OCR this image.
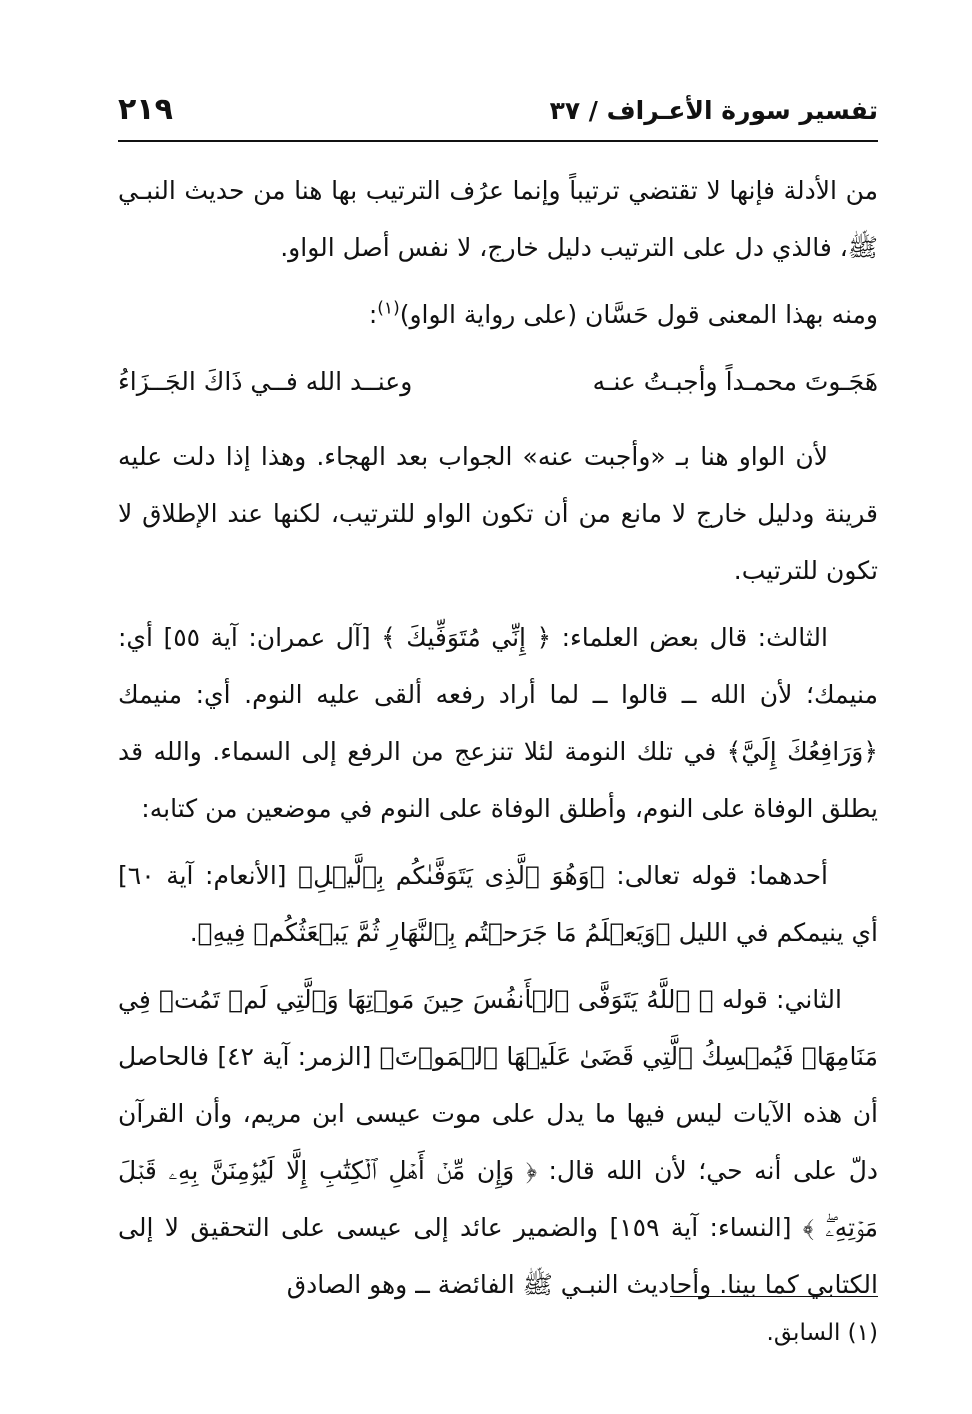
٢١٩	تفسير سورة الأعـراف / ٣٧

من الأدلة فإنها لا تقتضي ترتيباً وإنما عرُف الترتيب بها هنا من حديث النبـي ﷺ، فالذي دل على الترتيب دليل خارج، لا نفس أصل الواو.

ومنه بهذا المعنى قول حَسَّان (على رواية الواو)$^{(١)}$:

هَجَـوتَ محمـداً وأجبـتُ عنـه
وعنــد الله فــي ذَاكَ الجَــزَاءُ

لأن الواو هنا بـ «وأجبت عنه» الجواب بعد الهجاء. وهذا إذا دلت عليه قرينة ودليل خارج لا مانع من أن تكون الواو للترتيب، لكنها عند الإطلاق لا تكون للترتيب.

الثالث: قال بعض العلماء: ﴿ إِنِّي مُتَوَفِّيكَ ﴾ [آل عمران: آية ٥٥] أي: منيمك؛ لأن الله ــ قالوا ــ لما أراد رفعه ألقى عليه النوم. أي: منيمك ﴿وَرَافِعُكَ إِلَيَّ﴾ في تلك النومة لئلا تنزعج من الرفع إلى السماء. والله قد يطلق الوفاة على النوم، وأطلق الوفاة على النوم في موضعين من كتابه:

أحدهما: قوله تعالى: ﴿وَهُوَ ٱلَّذِى يَتَوَفَّىٰكُم بِٱلَّيۡلِ﴾ [الأنعام: آية ٦٠] أي ينيمكم في الليل ﴿وَيَعۡلَمُ مَا جَرَحۡتُم بِٱلنَّهَارِ ثُمَّ يَبۡعَثُكُمۡ فِيهِ﴾.

الثاني: قوله ﴿ ٱللَّهُ يَتَوَفَّى ٱلۡأَنفُسَ حِينَ مَوۡتِهَا وَٱلَّتِي لَمۡ تَمُتۡ فِي مَنَامِهَاۖ فَيُمۡسِكُ ٱلَّتِي قَضَىٰ عَلَيۡهَا ٱلۡمَوۡتَ﴾ [الزمر: آية ٤٢] فالحاصل أن هذه الآيات ليس فيها ما يدل على موت عيسى ابن مريم، وأن القرآن دلّ على أنه حي؛ لأن الله قال: ﴿ وَإِن مِّنۡ أَهۡلِ ٱلۡكِتَٰبِ إِلَّا لَيُؤۡمِنَنَّ بِهِۦ قَبۡلَ مَوۡتِهِۦۖ ﴾ [النساء: آية ١٥٩] والضمير عائد إلى عيسى على التحقيق لا إلى الكتابي كما بينا. وأحاديث النبـي ﷺ الفائضة ــ وهو الصادق

(١) السابق.
